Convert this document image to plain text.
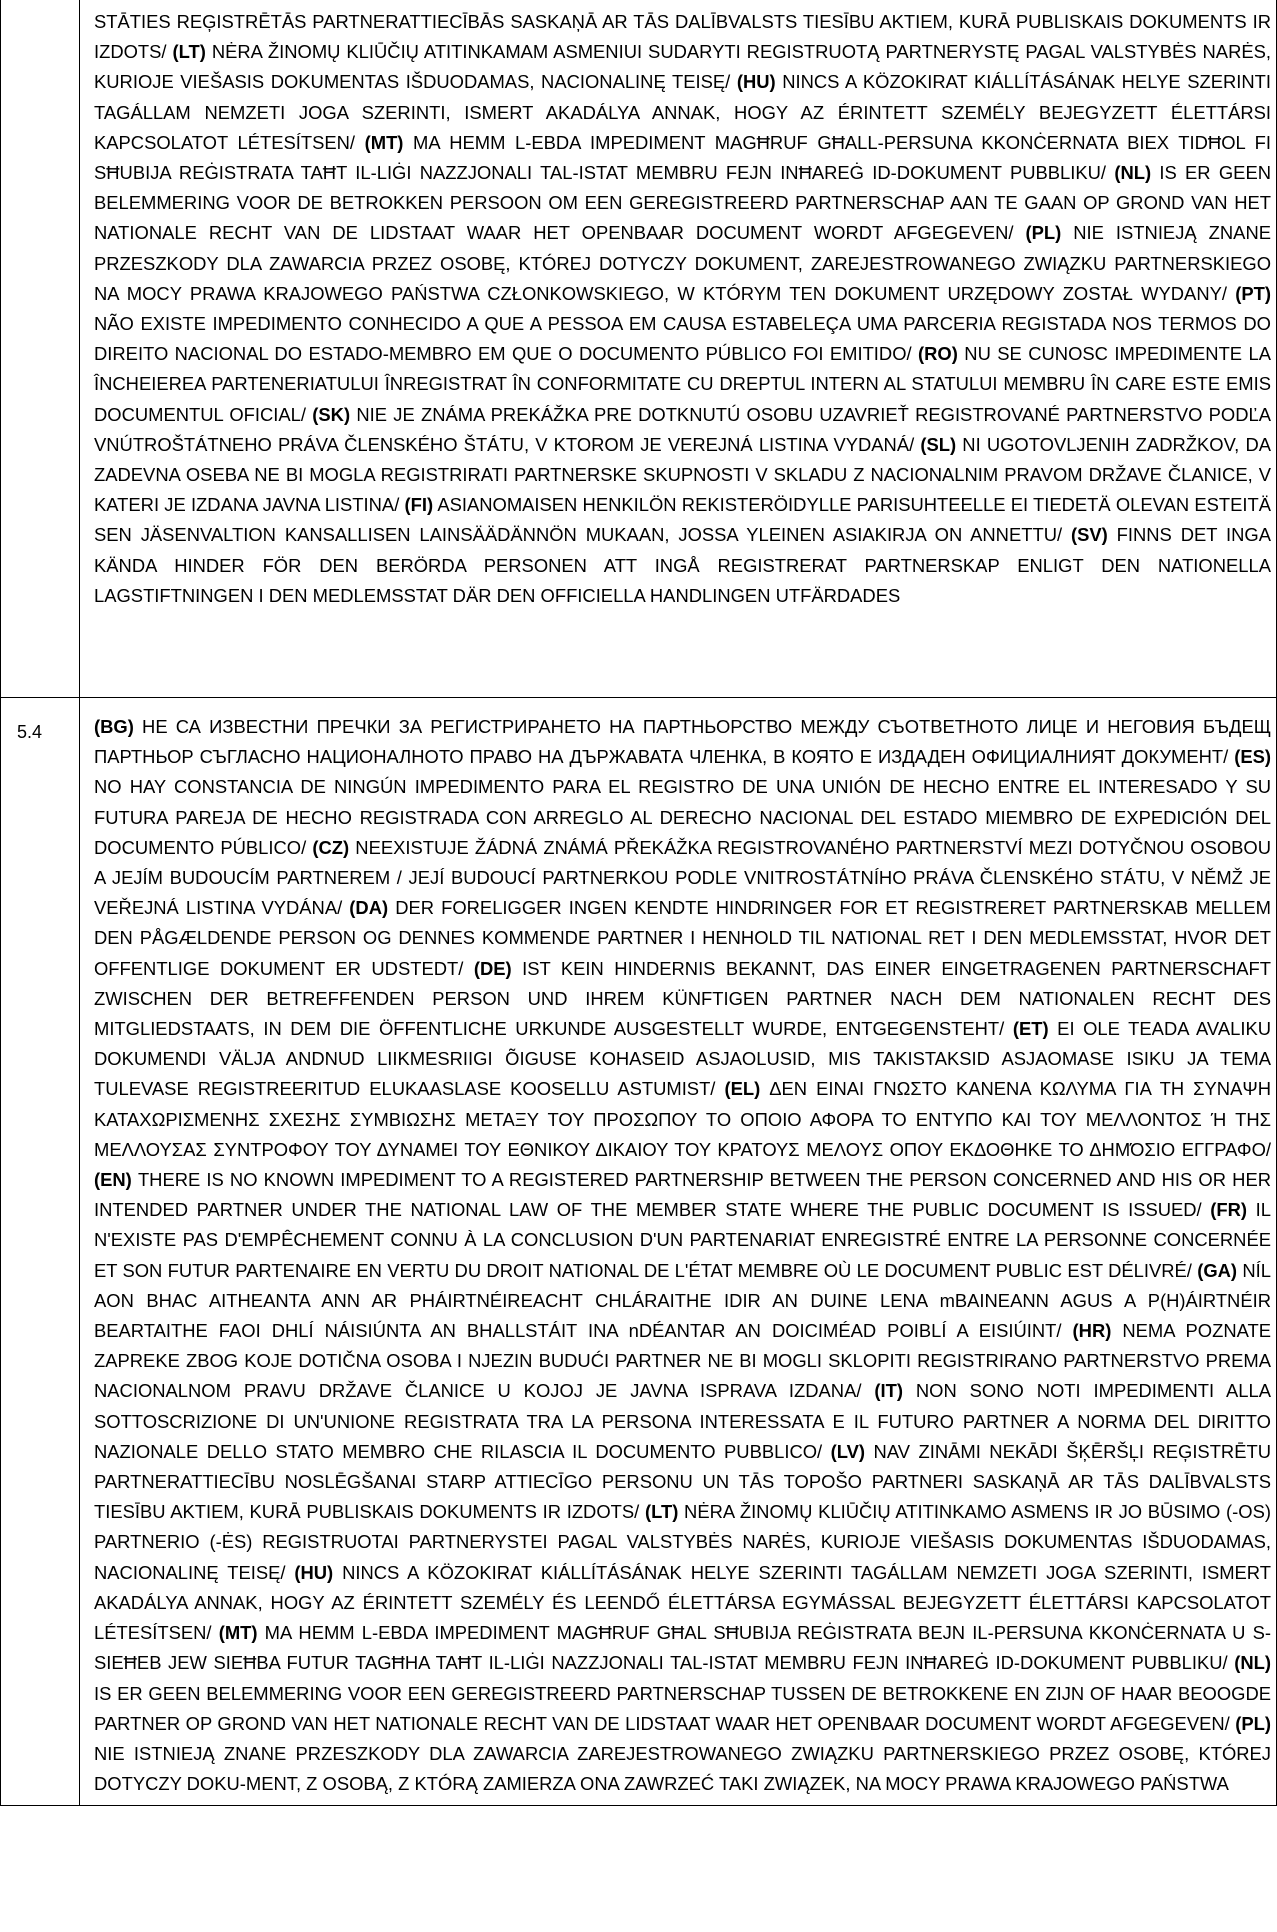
	STĀTIES REĢISTRĒTĀS PARTNERATTIECĪBĀS SASKAŅĀ AR TĀS DALĪBVALSTS TIESĪBU AKTIEM, KURĀ PUBLISKAIS DOKUMENTS IR IZDOTS/ (LT) NĖRA ŽINOMŲ KLIŪČIŲ ATITINKAMAM ASMENIUI SUDARYTI REGISTRUOTĄ PARTNERYSTĘ PAGAL VALSTYBĖS NARĖS, KURIOJE VIEŠASIS DOKUMENTAS IŠDUODAMAS, NACIONALINĘ TEISĘ/ (HU) NINCS A KÖZOKIRAT KIÁLLÍTÁSÁNAK HELYE SZERINTI TAGÁLLAM NEMZETI JOGA SZERINTI, ISMERT AKADÁLYA ANNAK, HOGY AZ ÉRINTETT SZEMÉLY BEJEGYZETT ÉLETTÁRSI KAPCSOLATOT LÉTESÍTSEN/ (MT) MA HEMM L-EBDA IMPEDIMENT MAGĦRUF GĦALL-PERSUNA KKONĊERNATA BIEX TIDĦOL FI SĦUBIJA REĠISTRATA TAĦT IL-LIĠI NAZZJONALI TAL-ISTAT MEMBRU FEJN INĦAREĠ ID-DOKUMENT PUBBLIKU/ (NL) IS ER GEEN BELEMMERING VOOR DE BETROKKEN PERSOON OM EEN GEREGISTREERD PARTNERSCHAP AAN TE GAAN OP GROND VAN HET NATIONALE RECHT VAN DE LIDSTAAT WAAR HET OPENBAAR DOCUMENT WORDT AFGEGEVEN/ (PL) NIE ISTNIEJĄ ZNANE PRZESZKODY DLA ZAWARCIA PRZEZ OSOBĘ, KTÓREJ DOTYCZY DOKUMENT, ZAREJESTROWANEGO ZWIĄZKU PARTNERSKIEGO NA MOCY PRAWA KRAJOWEGO PAŃSTWA CZŁONKOWSKIEGO, W KTÓRYM TEN DOKUMENT URZĘDOWY ZOSTAŁ WYDANY/ (PT) NÃO EXISTE IMPEDIMENTO CONHECIDO A QUE A PESSOA EM CAUSA ESTABELEÇA UMA PARCERIA REGISTADA NOS TERMOS DO DIREITO NACIONAL DO ESTADO-MEMBRO EM QUE O DOCUMENTO PÚBLICO FOI EMITIDO/ (RO) NU SE CUNOSC IMPEDIMENTE LA ÎNCHEIEREA PARTENERIATULUI ÎNREGISTRAT ÎN CONFORMITATE CU DREPTUL INTERN AL STATULUI MEMBRU ÎN CARE ESTE EMIS DOCUMENTUL OFICIAL/ (SK) NIE JE ZNÁMA PREKÁŽKA PRE DOTKNUTÚ OSOBU UZAVRIEŤ REGISTROVANÉ PARTNERSTVO PODĽA VNÚTROŠTÁTNEHO PRÁVA ČLENSKÉHO ŠTÁTU, V KTOROM JE VEREJNÁ LISTINA VYDANÁ/ (SL) NI UGOTOVLJENIH ZADRŽKOV, DA ZADEVNA OSEBA NE BI MOGLA REGISTRIRATI PARTNERSKE SKUPNOSTI V SKLADU Z NACIONALNIM PRAVOM DRŽAVE ČLANICE, V KATERI JE IZDANA JAVNA LISTINA/ (FI) ASIANOMAISEN HENKILÖN REKISTERÖIDYLLE PARISUHTEELLE EI TIEDETÄ OLEVAN ESTEITÄ SEN JÄSENVALTION KANSALLISEN LAINSÄÄDÄNNÖN MUKAAN, JOSSA YLEINEN ASIAKIRJA ON ANNETTU/ (SV) FINNS DET INGA KÄNDA HINDER FÖR DEN BERÖRDA PERSONEN ATT INGÅ REGISTRERAT PARTNERSKAP ENLIGT DEN NATIONELLA LAGSTIFTNINGEN I DEN MEDLEMSSTAT DÄR DEN OFFICIELLA HANDLINGEN UTFÄRDADES

5.4	(BG) НЕ СА ИЗВЕСТНИ ПРЕЧКИ ЗА РЕГИСТРИРАНЕТО НА ПАРТНЬОРСТВО МЕЖДУ СЪОТВЕТНОТО ЛИЦЕ И НЕГОВИЯ БЪДЕЩ ПАРТНЬОР СЪГЛАСНО НАЦИОНАЛНОТО ПРАВО НА ДЪРЖАВАТА ЧЛЕНКА, В КОЯТО Е ИЗДАДЕН ОФИЦИАЛНИЯТ ДОКУМЕНТ/ (ES) NO HAY CONSTANCIA DE NINGÚN IMPEDIMENTO PARA EL REGISTRO DE UNA UNIÓN DE HECHO ENTRE EL INTERESADO Y SU FUTURA PAREJA DE HECHO REGISTRADA CON ARREGLO AL DERECHO NACIONAL DEL ESTADO MIEMBRO DE EXPEDICIÓN DEL DOCUMENTO PÚBLICO/ (CZ) NEEXISTUJE ŽÁDNÁ ZNÁMÁ PŘEKÁŽKA REGISTROVANÉHO PARTNERSTVÍ MEZI DOTYČNOU OSOBOU A JEJÍM BUDOUCÍM PARTNEREM / JEJÍ BUDOUCÍ PARTNERKOU PODLE VNITROSTÁTNÍHO PRÁVA ČLENSKÉHO STÁTU, V NĚMŽ JE VEŘEJNÁ LISTINA VYDÁNA/ (DA) DER FORELIGGER INGEN KENDTE HINDRINGER FOR ET REGISTRERET PARTNERSKAB MELLEM DEN PÅGÆLDENDE PERSON OG DENNES KOMMENDE PARTNER I HENHOLD TIL NATIONAL RET I DEN MEDLEMSSTAT, HVOR DET OFFENTLIGE DOKUMENT ER UDSTEDT/ (DE) IST KEIN HINDERNIS BEKANNT, DAS EINER EINGETRAGENEN PARTNERSCHAFT ZWISCHEN DER BETREFFENDEN PERSON UND IHREM KÜNFTIGEN PARTNER NACH DEM NATIONALEN RECHT DES MITGLIEDSTAATS, IN DEM DIE ÖFFENTLICHE URKUNDE AUSGESTELLT WURDE, ENTGEGENSTEHT/ (ET) EI OLE TEADA AVALIKU DOKUMENDI VÄLJA ANDNUD LIIKMESRIIGI ÕIGUSE KOHASEID ASJAOLUSID, MIS TAKISTAKSID ASJAOMASE ISIKU JA TEMA TULEVASE REGISTREERITUD ELUKAASLASE KOOSELLU ASTUMIST/ (EL) ΔΕΝ ΕΙΝΑΙ ΓΝΩΣΤΟ ΚΑΝΕΝΑ ΚΩΛΥΜΑ ΓΙΑ ΤΗ ΣΥΝΑΨΗ ΚΑΤΑΧΩΡΙΣΜΕΝΗΣ ΣΧΕΣΗΣ ΣΥΜΒΙΩΣΗΣ ΜΕΤΑΞΥ ΤΟΥ ΠΡΟΣΩΠΟΥ ΤΟ ΟΠΟΙΟ ΑΦΟΡΑ ΤΟ ΕΝΤΥΠΟ ΚΑΙ ΤΟΥ ΜΕΛΛΟΝΤΟΣ Ή ΤΗΣ ΜΕΛΛΟΥΣΑΣ ΣΥΝΤΡΟΦΟΥ ΤΟΥ ΔΥΝΑΜΕΙ ΤΟΥ ΕΘΝΙΚΟΥ ΔΙΚΑΙΟΥ ΤΟΥ ΚΡΑΤΟΥΣ ΜΕΛΟΥΣ ΟΠΟΥ ΕΚΔΟΘΗΚΕ ΤΟ ΔΗΜΌΣΙΟ ΕΓΓΡΑΦΟ/ (EN) THERE IS NO KNOWN IMPEDIMENT TO A REGISTERED PARTNERSHIP BETWEEN THE PERSON CONCERNED AND HIS OR HER INTENDED PARTNER UNDER THE NATIONAL LAW OF THE MEMBER STATE WHERE THE PUBLIC DOCUMENT IS ISSUED/ (FR) IL N'EXISTE PAS D'EMPÊCHEMENT CONNU À LA CONCLUSION D'UN PARTENARIAT ENREGISTRÉ ENTRE LA PERSONNE CONCERNÉE ET SON FUTUR PARTENAIRE EN VERTU DU DROIT NATIONAL DE L'ÉTAT MEMBRE OÙ LE DOCUMENT PUBLIC EST DÉLIVRÉ/ (GA) NÍL AON BHAC AITHEANTA ANN AR PHÁIRTNÉIREACHT CHLÁRAITHE IDIR AN DUINE LENA mBAINEANN AGUS A P(H)ÁIRTNÉIR BEARTAITHE FAOI DHLÍ NÁISIÚNTA AN BHALLSTÁIT INA nDÉANTAR AN DOICIMÉAD POIBLÍ A EISIÚINT/ (HR) NEMA POZNATE ZAPREKE ZBOG KOJE DOTIČNA OSOBA I NJEZIN BUDUĆI PARTNER NE BI MOGLI SKLOPITI REGISTRIRANO PARTNERSTVO PREMA NACIONALNOM PRAVU DRŽAVE ČLANICE U KOJOJ JE JAVNA ISPRAVA IZDANA/ (IT) NON SONO NOTI IMPEDIMENTI ALLA SOTTOSCRIZIONE DI UN'UNIONE REGISTRATA TRA LA PERSONA INTERESSATA E IL FUTURO PARTNER A NORMA DEL DIRITTO NAZIONALE DELLO STATO MEMBRO CHE RILASCIA IL DOCUMENTO PUBBLICO/ (LV) NAV ZINĀMI NEKĀDI ŠĶĒRŠĻI REĢISTRĒTU PARTNERATTIECĪBU NOSLĒGŠANAI STARP ATTIECĪGO PERSONU UN TĀS TOPOŠO PARTNERI SASKAŅĀ AR TĀS DALĪBVALSTS TIESĪBU AKTIEM, KURĀ PUBLISKAIS DOKUMENTS IR IZDOTS/ (LT) NĖRA ŽINOMŲ KLIŪČIŲ ATITINKAMO ASMENS IR JO BŪSIMO (-OS) PARTNERIO (-ĖS) REGISTRUOTAI PARTNERYSTEI PAGAL VALSTYBĖS NARĖS, KURIOJE VIEŠASIS DOKUMENTAS IŠDUODAMAS, NACIONALINĘ TEISĘ/ (HU) NINCS A KÖZOKIRAT KIÁLLÍTÁSÁNAK HELYE SZERINTI TAGÁLLAM NEMZETI JOGA SZERINTI, ISMERT AKADÁLYA ANNAK, HOGY AZ ÉRINTETT SZEMÉLY ÉS LEENDŐ ÉLETTÁRSA EGYMÁSSAL BEJEGYZETT ÉLETTÁRSI KAPCSOLATOT LÉTESÍTSEN/ (MT) MA HEMM L-EBDA IMPEDIMENT MAGĦRUF GĦAL SĦUBIJA REĠISTRATA BEJN IL-PERSUNA KKONĊERNATA U S-SIEĦEB JEW SIEĦBA FUTUR TAGĦHA TAĦT IL-LIĠI NAZZJONALI TAL-ISTAT MEMBRU FEJN INĦAREĠ ID-DOKUMENT PUBBLIKU/ (NL) IS ER GEEN BELEMMERING VOOR EEN GEREGISTREERD PARTNERSCHAP TUSSEN DE BETROKKENE EN ZIJN OF HAAR BEOOGDE PARTNER OP GROND VAN HET NATIONALE RECHT VAN DE LIDSTAAT WAAR HET OPENBAAR DOCUMENT WORDT AFGEGEVEN/ (PL) NIE ISTNIEJĄ ZNANE PRZESZKODY DLA ZAWARCIA ZAREJESTROWANEGO ZWIĄZKU PARTNERSKIEGO PRZEZ OSOBĘ, KTÓREJ DOTYCZY DOKU-MENT, Z OSOBĄ, Z KTÓRĄ ZAMIERZA ONA ZAWRZEĆ TAKI ZWIĄZEK, NA MOCY PRAWA KRAJOWEGO PAŃSTWA
